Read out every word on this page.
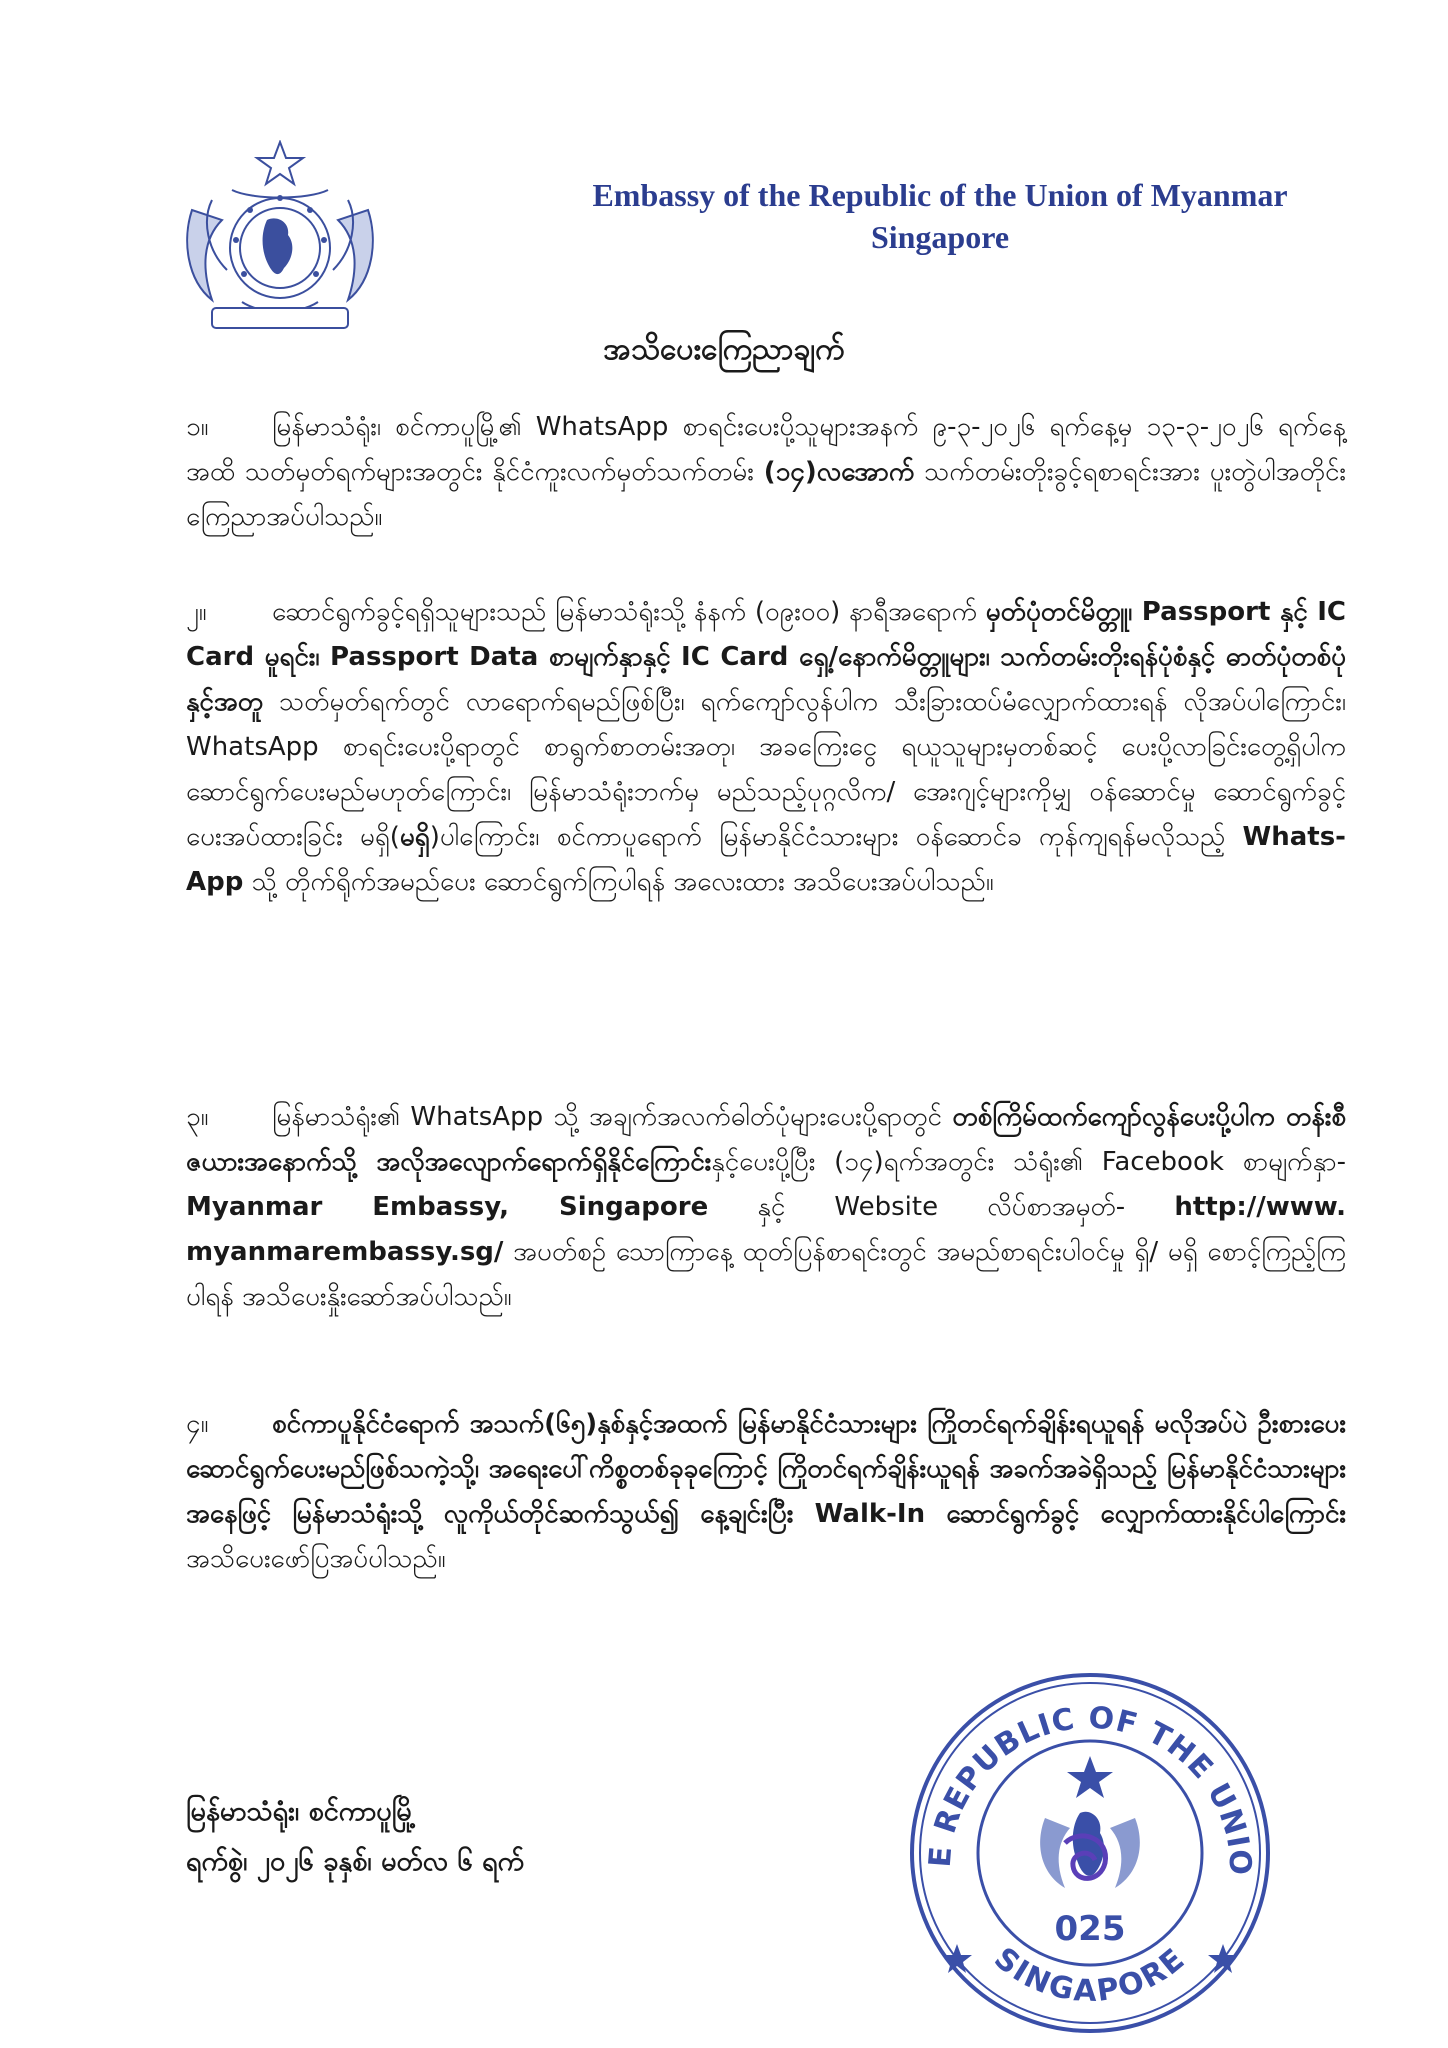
Embassy of the Republic of the Union of Myanmar
Singapore
အသိပေးကြေညာချက်
၁။ မြန်မာသံရုံး၊ စင်ကာပူမြို့၏ WhatsApp စာရင်းပေးပို့သူများအနက် ၉-၃-၂၀၂၆ ရက်နေ့မှ ၁၃-၃-၂၀၂၆ ရက်နေ့အထိ သတ်မှတ်ရက်များအတွင်း နိုင်ငံကူးလက်မှတ်သက်တမ်း (၁၄)လအောက် သက်တမ်းတိုးခွင့်ရစာရင်းအား ပူးတွဲပါအတိုင်းကြေညာအပ်ပါသည်။
၂။	ဆောင်ရွက်ခွင့်ရရှိသူများသည် မြန်မာသံရုံးသို့ နံနက် (၀၉း၀၀) နာရီအရောက် မှတ်ပုံတင်မိတ္တူ၊ Passport နှင့် IC Card မူရင်း၊ Passport Data စာမျက်နှာနှင့် IC Card ရှေ့/နောက်မိတ္တူများ၊ သက်တမ်းတိုးရန်ပုံစံနှင့် ဓာတ်ပုံတစ်ပုံနှင့်အတူ သတ်မှတ်ရက်တွင် လာရောက်ရမည်ဖြစ်ပြီး၊ ရက်ကျော်လွန်ပါက သီးခြားထပ်မံလျှောက်ထားရန် လိုအပ်ပါကြောင်း၊ WhatsApp စာရင်းပေးပို့ရာတွင် စာရွက်စာတမ်းအတု၊ အခကြေးငွေ ရယူသူများမှတစ်ဆင့် ပေးပို့လာခြင်းတွေ့ရှိပါက ဆောင်ရွက်ပေးမည်မဟုတ်ကြောင်း၊ မြန်မာသံရုံးဘက်မှ မည်သည့်ပုဂ္ဂလိက/ အေးဂျင့်များကိုမျှ ဝန်ဆောင်မှု ဆောင်ရွက်ခွင့်ပေးအပ်ထားခြင်း မရှိ(မရှိ)ပါကြောင်း၊ စင်ကာပူရောက် မြန်မာနိုင်ငံသားများ ဝန်ဆောင်ခ ကုန်ကျရန်မလိုသည့် Whats- App သို့ တိုက်ရိုက်အမည်ပေး ဆောင်ရွက်ကြပါရန် အလေးထား အသိပေးအပ်ပါသည်။
၃။ မြန်မာသံရုံး၏ WhatsApp သို့ အချက်အလက်ဓါတ်ပုံများပေးပို့ရာတွင် တစ်ကြိမ်ထက်ကျော်လွန်ပေးပို့ပါက တန်းစီဇယားအနောက်သို့ အလိုအလျောက်ရောက်ရှိနိုင်ကြောင်းနှင့်ပေးပို့ပြီး (၁၄)ရက်အတွင်း သံရုံး၏ Facebook စာမျက်နှာ- Myanmar Embassy, Singapore နှင့် Website လိပ်စာအမှတ်- http://www. myanmarembassy.sg/ အပတ်စဉ် သောကြာနေ့ ထုတ်ပြန်စာရင်းတွင် အမည်စာရင်းပါဝင်မှု ရှိ/ မရှိ စောင့်ကြည့်ကြပါရန် အသိပေးနှိုးဆော်အပ်ပါသည်။
၄။ စင်ကာပူနိုင်ငံရောက် အသက်(၆၅)နှစ်နှင့်အထက် မြန်မာနိုင်ငံသားများ ကြိုတင်ရက်ချိန်းရယူရန် မလိုအပ်ပဲ ဦးစားပေးဆောင်ရွက်ပေးမည်ဖြစ်သကဲ့သို့၊ အရေးပေါ်ကိစ္စတစ်ခုခုကြောင့် ကြိုတင်ရက်ချိန်းယူရန် အခက်အခဲရှိသည့် မြန်မာနိုင်ငံသားများအနေဖြင့် မြန်မာသံရုံးသို့ လူကိုယ်တိုင်ဆက်သွယ်၍ နေ့ချင်းပြီး Walk-In ဆောင်ရွက်ခွင့် လျှောက်ထားနိုင်ပါကြောင်း အသိပေးဖော်ပြအပ်ပါသည်။
မြန်မာသံရုံး၊ စင်ကာပူမြို့
ရက်စွဲ၊ ၂၀၂၆ ခုနှစ်၊ မတ်လ ၆ ရက်	E REPUBLIC OF THE UNIO
SINGAPORE
025
